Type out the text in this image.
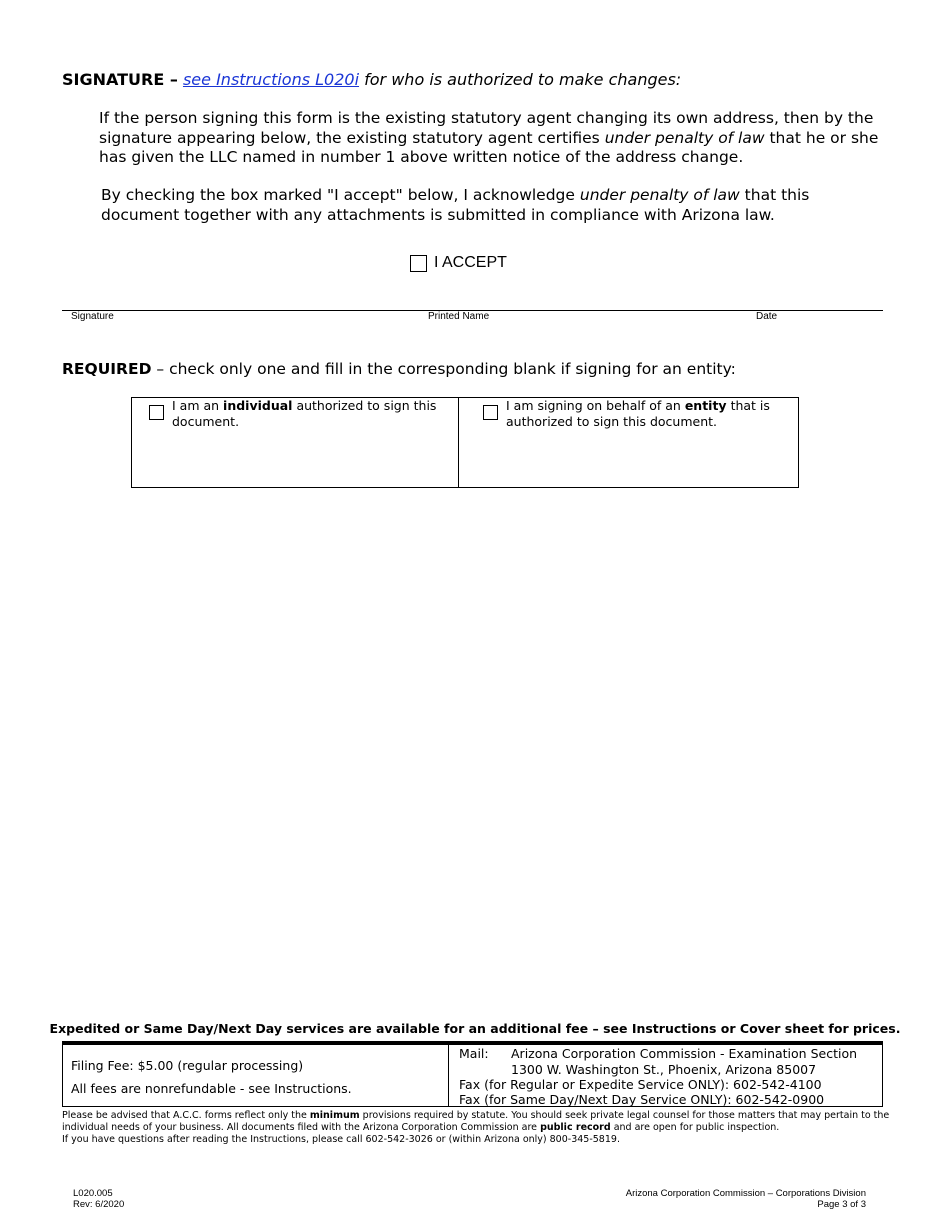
SIGNATURE – see Instructions L020i for who is authorized to make changes:
If the person signing this form is the existing statutory agent changing its own address, then by the signature appearing below, the existing statutory agent certifies under penalty of law that he or she has given the LLC named in number 1 above written notice of the address change.
By checking the box marked "I accept" below, I acknowledge under penalty of law that this document together with any attachments is submitted in compliance with Arizona law.
I ACCEPT
Signature	Printed Name	Date
REQUIRED – check only one and fill in the corresponding blank if signing for an entity:
I am an individual authorized to sign this document.
I am signing on behalf of an entity that is authorized to sign this document.
Expedited or Same Day/Next Day services are available for an additional fee – see Instructions or Cover sheet for prices.
Filing Fee: $5.00 (regular processing)
All fees are nonrefundable - see Instructions.
Mail: Arizona Corporation Commission - Examination Section
1300 W. Washington St., Phoenix, Arizona 85007
Fax (for Regular or Expedite Service ONLY): 602-542-4100
Fax (for Same Day/Next Day Service ONLY): 602-542-0900
Please be advised that A.C.C. forms reflect only the minimum provisions required by statute. You should seek private legal counsel for those matters that may pertain to the individual needs of your business. All documents filed with the Arizona Corporation Commission are public record and are open for public inspection.
If you have questions after reading the Instructions, please call 602-542-3026 or (within Arizona only) 800-345-5819.
L020.005
Rev: 6/2020
Arizona Corporation Commission – Corporations Division
Page 3 of 3
